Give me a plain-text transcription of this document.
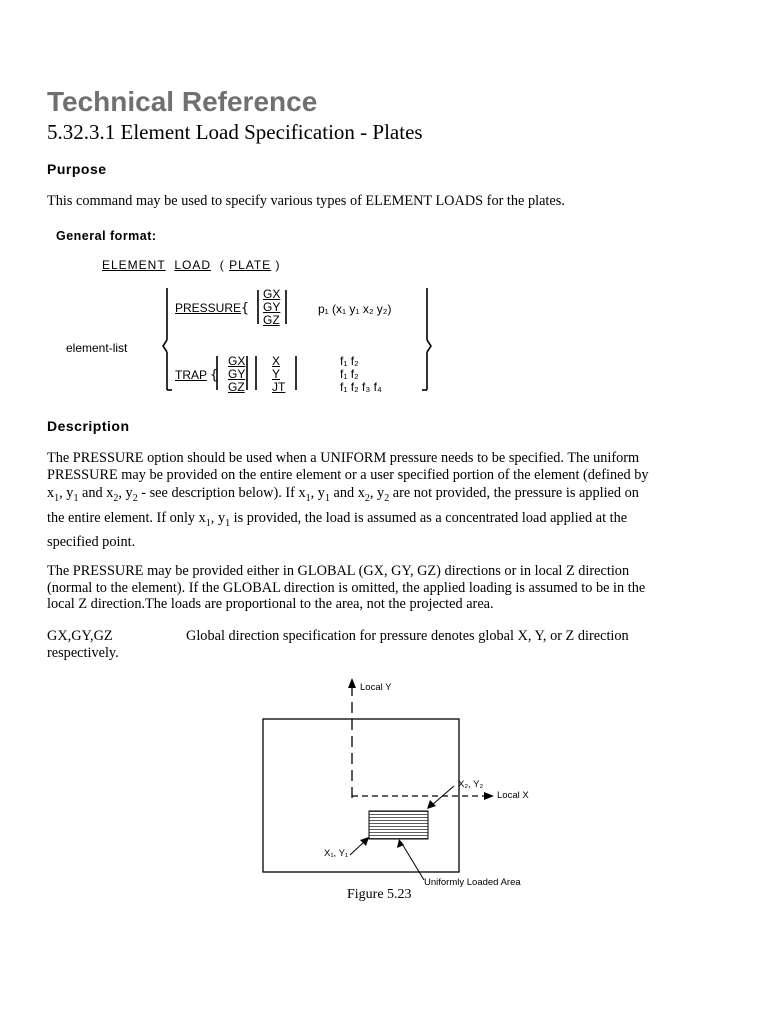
Technical Reference
5.32.3.1 Element Load Specification - Plates
Purpose
This command may be used to specify various types of ELEMENT LOADS for the plates.
General format:
ELEMENT LOAD ( PLATE )
PRESSURE{
GX
GY
GZ
p₁ (x₁ y₁ x₂ y₂)
element-list
TRAP {
GX
GY
GZ
X
Y
JT
f₁ f₂
f₁ f₂
f₁ f₂ f₃ f₄
Description
The PRESSURE option should be used when a UNIFORM pressure needs to be specified. The uniform
PRESSURE may be provided on the entire element or a user specified portion of the element (defined by
$x_1$, $y_1$ and $x_2$, $y_2$ - see description below). If $x_1$, $y_1$ and $x_2$, $y_2$ are not provided, the pressure is applied on
the entire element. If only $x_1$, $y_1$ is provided, the load is assumed as a concentrated load applied at the
specified point.
The PRESSURE may be provided either in GLOBAL (GX, GY, GZ) directions or in local Z direction
(normal to the element). If the GLOBAL direction is omitted, the applied loading is assumed to be in the
local Z direction.The loads are proportional to the area, not the projected area.
GX,GY,GZ	Global direction specification for pressure denotes global X, Y, or Z direction
respectively.
Local Y
Local X
X₂, Y₂
X₁, Y₁
Uniformly Loaded Area
Figure 5.23
